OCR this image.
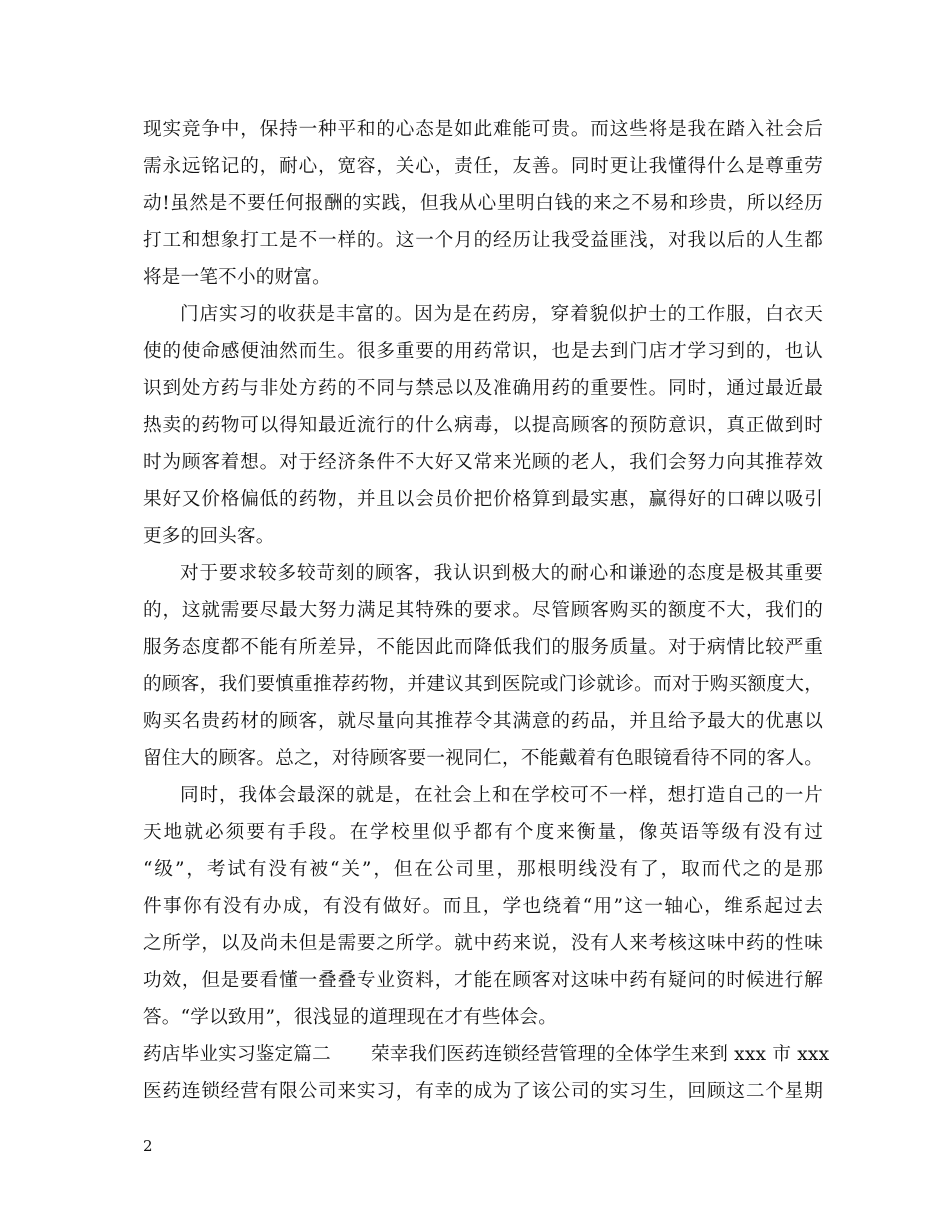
现实竞争中，保持一种平和的心态是如此难能可贵。而这些将是我在踏入社会后
需永远铭记的，耐心，宽容，关心，责任，友善。同时更让我懂得什么是尊重劳
动!虽然是不要任何报酬的实践，但我从心里明白钱的来之不易和珍贵，所以经历
打工和想象打工是不一样的。这一个月的经历让我受益匪浅，对我以后的人生都
将是一笔不小的财富。
门店实习的收获是丰富的。因为是在药房，穿着貌似护士的工作服，白衣天
使的使命感便油然而生。很多重要的用药常识，也是去到门店才学习到的，也认
识到处方药与非处方药的不同与禁忌以及准确用药的重要性。同时，通过最近最
热卖的药物可以得知最近流行的什么病毒，以提高顾客的预防意识，真正做到时
时为顾客着想。对于经济条件不大好又常来光顾的老人，我们会努力向其推荐效
果好又价格偏低的药物，并且以会员价把价格算到最实惠，赢得好的口碑以吸引
更多的回头客。
对于要求较多较苛刻的顾客，我认识到极大的耐心和谦逊的态度是极其重要
的，这就需要尽最大努力满足其特殊的要求。尽管顾客购买的额度不大，我们的
服务态度都不能有所差异，不能因此而降低我们的服务质量。对于病情比较严重
的顾客，我们要慎重推荐药物，并建议其到医院或门诊就诊。而对于购买额度大，
购买名贵药材的顾客，就尽量向其推荐令其满意的药品，并且给予最大的优惠以
留住大的顾客。总之，对待顾客要一视同仁，不能戴着有色眼镜看待不同的客人。
同时，我体会最深的就是，在社会上和在学校可不一样，想打造自己的一片
天地就必须要有手段。在学校里似乎都有个度来衡量，像英语等级有没有过
“级”，考试有没有被“关”，但在公司里，那根明线没有了，取而代之的是那
件事你有没有办成，有没有做好。而且，学也绕着“用”这一轴心，维系起过去
之所学，以及尚未但是需要之所学。就中药来说，没有人来考核这味中药的性味
功效，但是要看懂一叠叠专业资料，才能在顾客对这味中药有疑问的时候进行解
答。“学以致用”，很浅显的道理现在才有些体会。
药店毕业实习鉴定篇二 荣幸我们医药连锁经营管理的全体学生来到 xxx 市 xxx
医药连锁经营有限公司来实习，有幸的成为了该公司的实习生，回顾这二个星期
2
